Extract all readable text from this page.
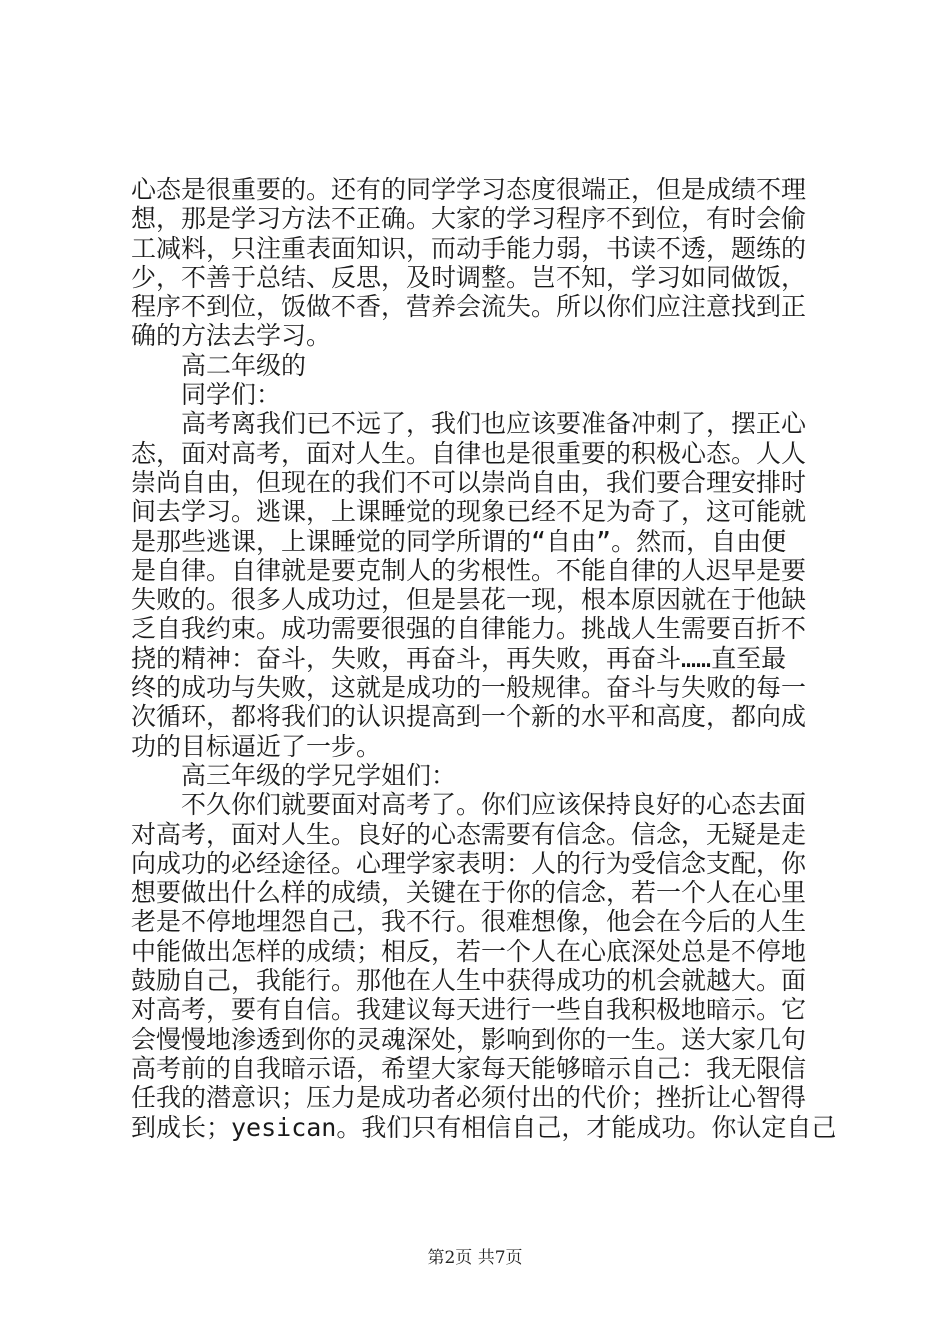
心态是很重要的。还有的同学学习态度很端正，但是成绩不理
想，那是学习方法不正确。大家的学习程序不到位，有时会偷
工减料，只注重表面知识，而动手能力弱，书读不透，题练的
少，不善于总结、反思，及时调整。岂不知，学习如同做饭，
程序不到位，饭做不香，营养会流失。所以你们应注意找到正
确的方法去学习。
高二年级的
同学们：
高考离我们已不远了，我们也应该要准备冲刺了，摆正心
态，面对高考，面对人生。自律也是很重要的积极心态。人人
崇尚自由，但现在的我们不可以崇尚自由，我们要合理安排时
间去学习。逃课，上课睡觉的现象已经不足为奇了，这可能就
是那些逃课，上课睡觉的同学所谓的“自由”。然而，自由便
是自律。自律就是要克制人的劣根性。不能自律的人迟早是要
失败的。很多人成功过，但是昙花一现，根本原因就在于他缺
乏自我约束。成功需要很强的自律能力。挑战人生需要百折不
挠的精神：奋斗，失败，再奋斗，再失败，再奋斗……直至最
终的成功与失败，这就是成功的一般规律。奋斗与失败的每一
次循环，都将我们的认识提高到一个新的水平和高度，都向成
功的目标逼近了一步。
高三年级的学兄学姐们：
不久你们就要面对高考了。你们应该保持良好的心态去面
对高考，面对人生。良好的心态需要有信念。信念，无疑是走
向成功的必经途径。心理学家表明：人的行为受信念支配，你
想要做出什么样的成绩，关键在于你的信念，若一个人在心里
老是不停地埋怨自己，我不行。很难想像，他会在今后的人生
中能做出怎样的成绩；相反，若一个人在心底深处总是不停地
鼓励自己，我能行。那他在人生中获得成功的机会就越大。面
对高考，要有自信。我建议每天进行一些自我积极地暗示。它
会慢慢地渗透到你的灵魂深处，影响到你的一生。送大家几句
高考前的自我暗示语，希望大家每天能够暗示自己：我无限信
任我的潜意识；压力是成功者必须付出的代价；挫折让心智得
到成长；yesican。我们只有相信自己，才能成功。你认定自己
第2页 共7页
